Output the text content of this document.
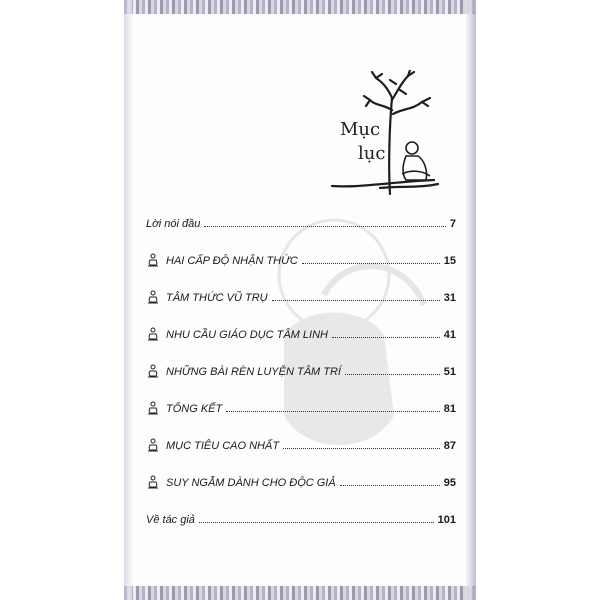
Mục
lục
Lời nói đầu	7
HAI CẤP ĐỘ NHẬN THỨC	15
TÂM THỨC VŨ TRỤ	31
NHU CẦU GIÁO DỤC TÂM LINH	41
NHỮNG BÀI RÈN LUYỆN TÂM TRÍ	51
TỔNG KẾT	81
MỤC TIÊU CAO NHẤT	87
SUY NGẪM DÀNH CHO ĐỘC GIẢ	95
Về tác giả	101
